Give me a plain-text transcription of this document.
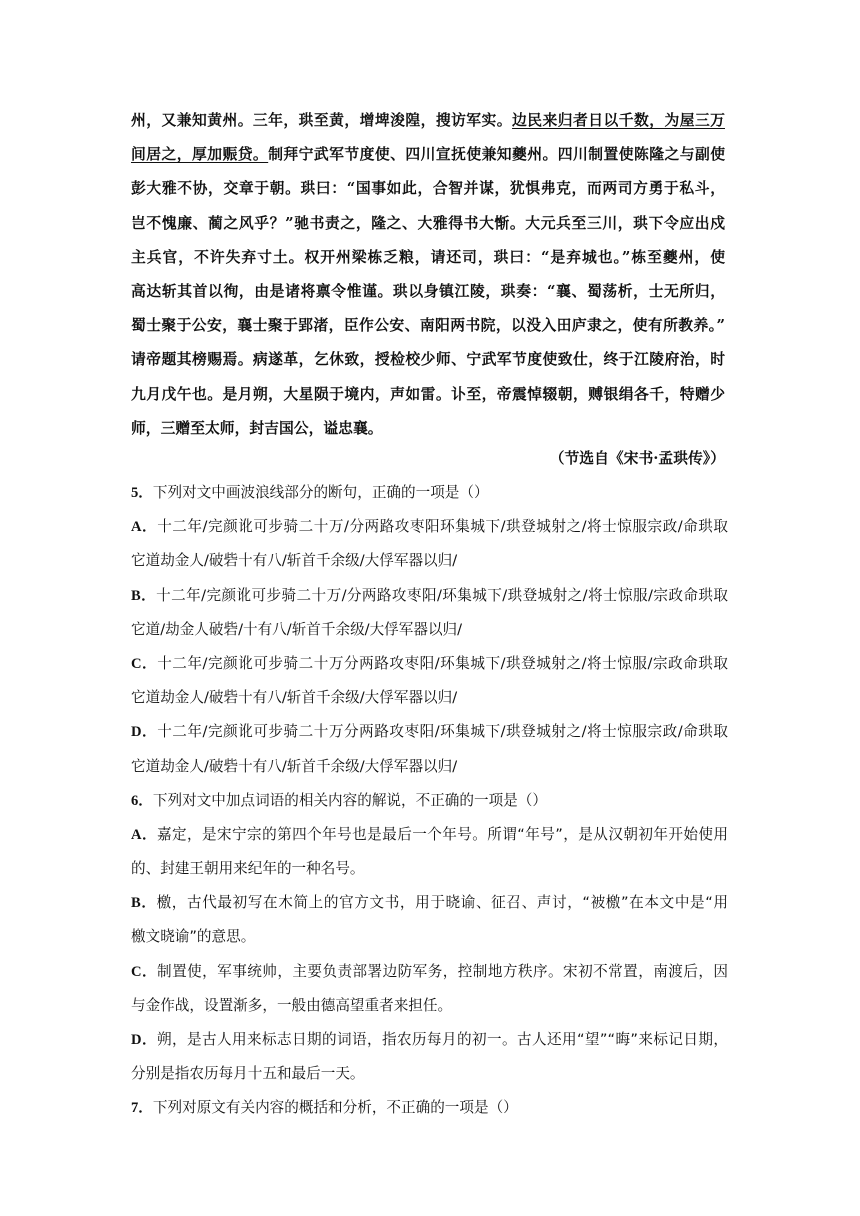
州，又兼知黄州。三年，珙至黄，增埤浚隍，搜访军实。边民来归者日以千数，为屋三万
间居之，厚加赈贷。制拜宁武军节度使、四川宣抚使兼知夔州。四川制置使陈隆之与副使
彭大雅不协，交章于朝。珙曰：“国事如此，合智并谋，犹惧弗克，而两司方勇于私斗，
岂不愧廉、蔺之风乎？”驰书责之，隆之、大雅得书大惭。大元兵至三川，珙下令应出戍
主兵官，不许失弃寸土。权开州梁栋乏粮，请还司，珙曰：“是弃城也。”栋至夔州，使
高达斩其首以徇，由是诸将禀令惟谨。珙以身镇江陵，珙奏：“襄、蜀荡析，士无所归，
蜀士聚于公安，襄士聚于郢渚，臣作公安、南阳两书院，以没入田庐隶之，使有所教养。”
请帝题其榜赐焉。病遂革，乞休致，授检校少师、宁武军节度使致仕，终于江陵府治，时
九月戊午也。是月朔，大星陨于境内，声如雷。讣至，帝震悼辍朝，赙银绢各千，特赠少
师，三赠至太师，封吉国公，谥忠襄。
（节选自《宋书·孟珙传》）
5．下列对文中画波浪线部分的断句，正确的一项是（）
A．十二年/完颜讹可步骑二十万/分两路攻枣阳环集城下/珙登城射之/将士惊服宗政/命珙取
它道劫金人/破砦十有八/斩首千余级/大俘军器以归/
B．十二年/完颜讹可步骑二十万/分两路攻枣阳/环集城下/珙登城射之/将士惊服/宗政命珙取
它道/劫金人破砦/十有八/斩首千余级/大俘军器以归/
C．十二年/完颜讹可步骑二十万分两路攻枣阳/环集城下/珙登城射之/将士惊服/宗政命珙取
它道劫金人/破砦十有八/斩首千余级/大俘军器以归/
D．十二年/完颜讹可步骑二十万分两路攻枣阳/环集城下/珙登城射之/将士惊服宗政/命珙取
它道劫金人/破砦十有八/斩首千余级/大俘军器以归/
6．下列对文中加点词语的相关内容的解说，不正确的一项是（）
A．嘉定，是宋宁宗的第四个年号也是最后一个年号。所谓“年号”，是从汉朝初年开始使用
的、封建王朝用来纪年的一种名号。
B．檄，古代最初写在木简上的官方文书，用于晓谕、征召、声讨，“被檄”在本文中是“用
檄文晓谕”的意思。
C．制置使，军事统帅，主要负责部署边防军务，控制地方秩序。宋初不常置，南渡后，因
与金作战，设置渐多，一般由德高望重者来担任。
D．朔，是古人用来标志日期的词语，指农历每月的初一。古人还用“望”“晦”来标记日期，
分别是指农历每月十五和最后一天。
7．下列对原文有关内容的概括和分析，不正确的一项是（）
